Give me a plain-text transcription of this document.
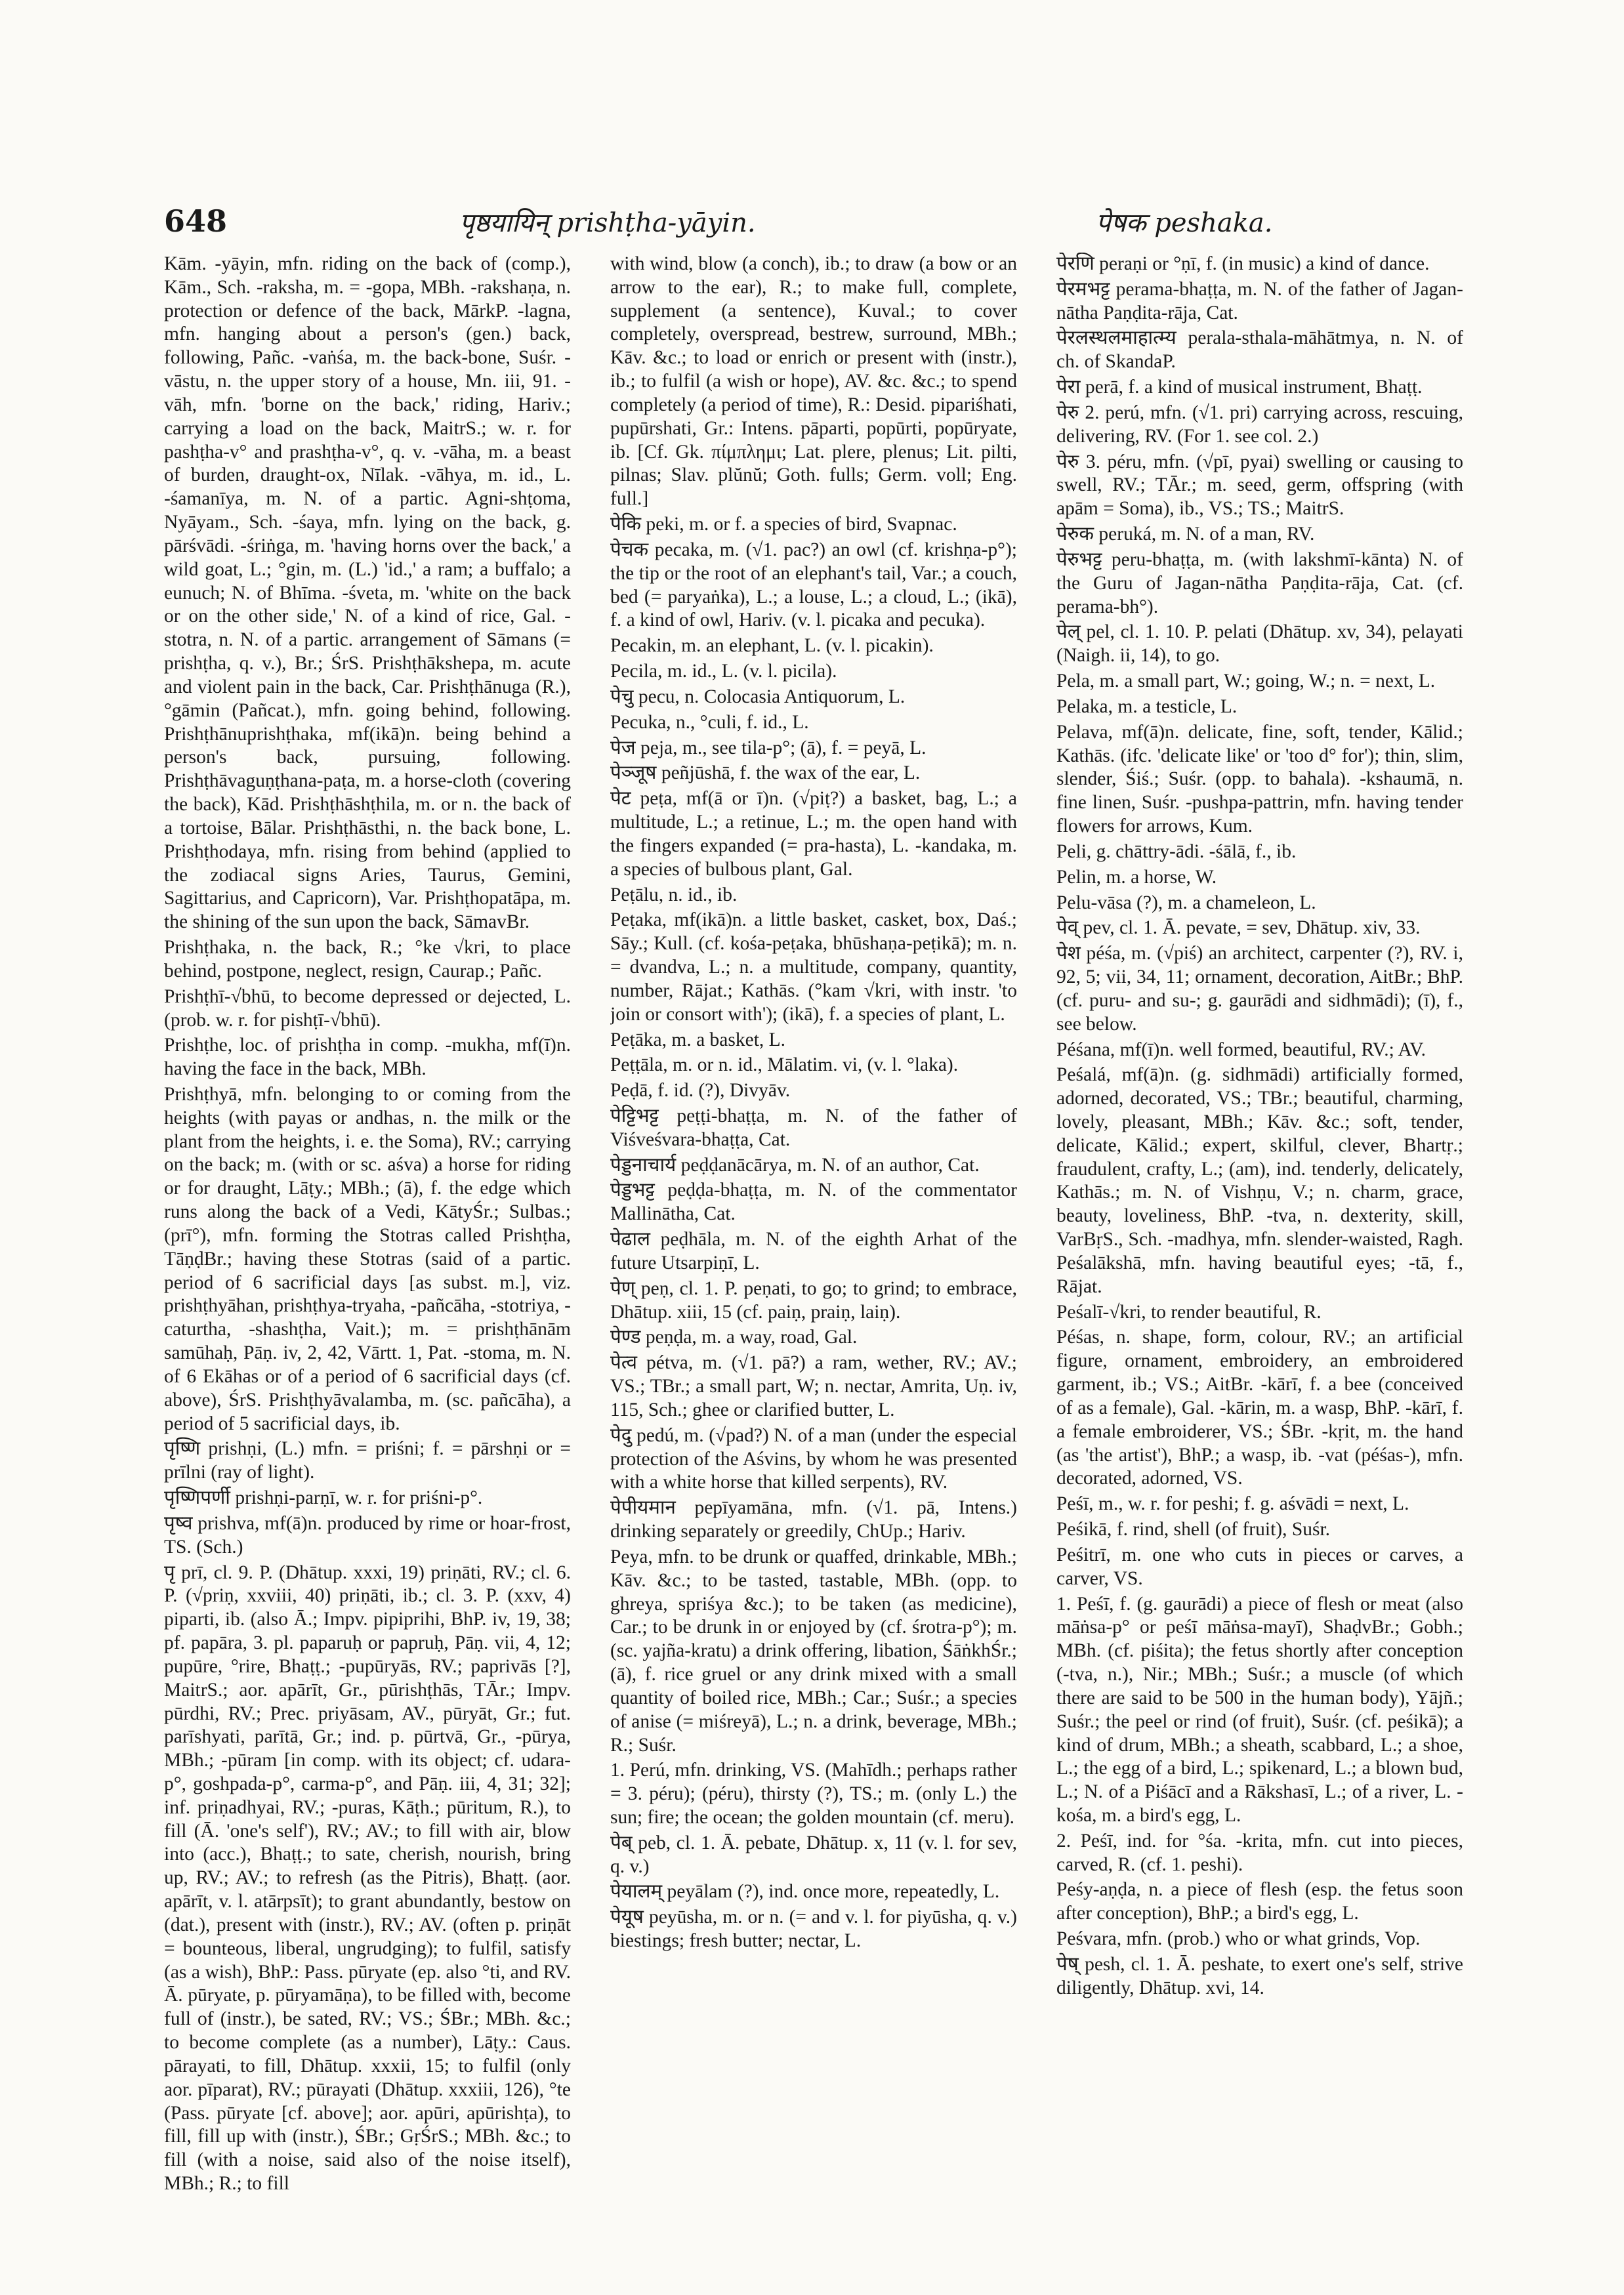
648	पृष्ठयायिन् prishṭha-yāyin.	पेषक peshaka.

Kām. -yāyin, mfn. riding on the back of (comp.), Kām., Sch. -raksha, m. = -gopa, MBh. -rakshaṇa, n. protection or defence of the back, MārkP. -lagna, mfn. hanging about a person's (gen.) back, following, Pañc. -vaṅśa, m. the back-bone, Suśr. -vāstu, n. the upper story of a house, Mn. iii, 91. -vāh, mfn. 'borne on the back,' riding, Hariv.; carrying a load on the back, MaitrS.; w. r. for pashṭha-v° and prashṭha-v°, q. v. -vāha, m. a beast of burden, draught-ox, Nīlak. -vāhya, m. id., L. -śamanīya, m. N. of a partic. Agni-shṭoma, Nyāyam., Sch. -śaya, mfn. lying on the back, g. pārśvādi. -śriṅga, m. 'having horns over the back,' a wild goat, L.; °gin, m. (L.) 'id.,' a ram; a buffalo; a eunuch; N. of Bhīma. -śveta, m. 'white on the back or on the other side,' N. of a kind of rice, Gal. -stotra, n. N. of a partic. arrangement of Sāmans (= prishṭha, q. v.), Br.; ŚrS. Prishṭhākshepa, m. acute and violent pain in the back, Car. Prishṭhānuga (R.), °gāmin (Pañcat.), mfn. going behind, following. Prishṭhānuprishṭhaka, mf(ikā)n. being behind a person's back, pursuing, following. Prishṭhāvaguṇṭhana-paṭa, m. a horse-cloth (covering the back), Kād. Prishṭhāshṭhila, m. or n. the back of a tortoise, Bālar. Prishṭhāsthi, n. the back bone, L. Prishṭhodaya, mfn. rising from behind (applied to the zodiacal signs Aries, Taurus, Gemini, Sagittarius, and Capricorn), Var. Prishṭhopatāpa, m. the shining of the sun upon the back, SāmavBr.

Prishṭhaka, n. the back, R.; °ke √kri, to place behind, postpone, neglect, resign, Caurap.; Pañc.

Prishṭhī-√bhū, to become depressed or dejected, L. (prob. w. r. for pishṭī-√bhū).

Prishṭhe, loc. of prishṭha in comp. -mukha, mf(ī)n. having the face in the back, MBh.

Prishṭhyā, mfn. belonging to or coming from the heights (with payas or andhas, n. the milk or the plant from the heights, i. e. the Soma), RV.; carrying on the back; m. (with or sc. aśva) a horse for riding or for draught, Lāṭy.; MBh.; (ā), f. the edge which runs along the back of a Vedi, KātyŚr.; Sulbas.; (prī°), mfn. forming the Stotras called Prishṭha, TāṇḍBr.; having these Stotras (said of a partic. period of 6 sacrificial days [as subst. m.], viz. prishṭhyāhan, prishṭhya-tryaha, -pañcāha, -stotriya, -caturtha, -shashṭha, Vait.); m. = prishṭhānām samūhaḥ, Pāṇ. iv, 2, 42, Vārtt. 1, Pat. -stoma, m. N. of 6 Ekāhas or of a period of 6 sacrificial days (cf. above), ŚrS. Prishṭhyāvalamba, m. (sc. pañcāha), a period of 5 sacrificial days, ib.

पृष्णि prishṇi, (L.) mfn. = priśni; f. = pārshṇi or = prīlni (ray of light).

पृष्णिपर्णी prishṇi-parṇī, w. r. for priśni-p°.

पृष्व prishva, mf(ā)n. produced by rime or hoar-frost, TS. (Sch.)

पृ prī, cl. 9. P. (Dhātup. xxxi, 19) priṇāti, RV.; cl. 6. P. (√priṇ, xxviii, 40) priṇāti, ib.; cl. 3. P. (xxv, 4) piparti, ib. (also Ā.; Impv. pipiprihi, BhP. iv, 19, 38; pf. papāra, 3. pl. paparuḥ or papruḥ, Pāṇ. vii, 4, 12; pupūre, °rire, Bhaṭṭ.; -pupūryās, RV.; paprivās [?], MaitrS.; aor. apārīt, Gr., pūrishṭhās, TĀr.; Impv. pūrdhi, RV.; Prec. priyāsam, AV., pūryāt, Gr.; fut. parīshyati, parītā, Gr.; ind. p. pūrtvā, Gr., -pūrya, MBh.; -pūram [in comp. with its object; cf. udara-p°, goshpada-p°, carma-p°, and Pāṇ. iii, 4, 31; 32]; inf. priṇadhyai, RV.; -puras, Kāṭh.; pūritum, R.), to fill (Ā. 'one's self'), RV.; AV.; to fill with air, blow into (acc.), Bhaṭṭ.; to sate, cherish, nourish, bring up, RV.; AV.; to refresh (as the Pitris), Bhaṭṭ. (aor. apārīt, v. l. atārpsīt); to grant abundantly, bestow on (dat.), present with (instr.), RV.; AV. (often p. priṇāt = bounteous, liberal, ungrudging); to fulfil, satisfy (as a wish), BhP.: Pass. pūryate (ep. also °ti, and RV. Ā. pūryate, p. pūryamāṇa), to be filled with, become full of (instr.), be sated, RV.; VS.; ŚBr.; MBh. &c.; to become complete (as a number), Lāṭy.: Caus. pārayati, to fill, Dhātup. xxxii, 15; to fulfil (only aor. pīparat), RV.; pūrayati (Dhātup. xxxiii, 126), °te (Pass. pūryate [cf. above]; aor. apūri, apūrishṭa), to fill, fill up with (instr.), ŚBr.; GṛŚrS.; MBh. &c.; to fill (with a noise, said also of the noise itself), MBh.; R.; to fill

with wind, blow (a conch), ib.; to draw (a bow or an arrow to the ear), R.; to make full, complete, supplement (a sentence), Kuval.; to cover completely, overspread, bestrew, surround, MBh.; Kāv. &c.; to load or enrich or present with (instr.), ib.; to fulfil (a wish or hope), AV. &c. &c.; to spend completely (a period of time), R.: Desid. pipariśhati, pupūrshati, Gr.: Intens. pāparti, popūrti, popūryate, ib. [Cf. Gk. πίμπλημι; Lat. plere, plenus; Lit. pilti, pilnas; Slav. plŭnŭ; Goth. fulls; Germ. voll; Eng. full.]

पेकि peki, m. or f. a species of bird, Svapnac.

पेचक pecaka, m. (√1. pac?) an owl (cf. krishṇa-p°); the tip or the root of an elephant's tail, Var.; a couch, bed (= paryaṅka), L.; a louse, L.; a cloud, L.; (ikā), f. a kind of owl, Hariv. (v. l. picaka and pecuka).

Pecakin, m. an elephant, L. (v. l. picakin).

Pecila, m. id., L. (v. l. picila).

पेचु pecu, n. Colocasia Antiquorum, L.

Pecuka, n., °culi, f. id., L.

पेज peja, m., see tila-p°; (ā), f. = peyā, L.

पेञ्जूष peñjūshā, f. the wax of the ear, L.

पेट peṭa, mf(ā or ī)n. (√piṭ?) a basket, bag, L.; a multitude, L.; a retinue, L.; m. the open hand with the fingers expanded (= pra-hasta), L. -kandaka, m. a species of bulbous plant, Gal.

Peṭālu, n. id., ib.

Peṭaka, mf(ikā)n. a little basket, casket, box, Daś.; Sāy.; Kull. (cf. kośa-peṭaka, bhūshaṇa-peṭikā); m. n. = dvandva, L.; n. a multitude, company, quantity, number, Rājat.; Kathās. (°kam √kri, with instr. 'to join or consort with'); (ikā), f. a species of plant, L.

Peṭāka, m. a basket, L.

Peṭṭāla, m. or n. id., Mālatim. vi, (v. l. °laka).

Peḍā, f. id. (?), Divyāv.

पेट्टिभट्ट peṭṭi-bhaṭṭa, m. N. of the father of Viśveśvara-bhaṭṭa, Cat.

पेड्डनाचार्य peḍḍanācārya, m. N. of an author, Cat.

पेड्डभट्ट peḍḍa-bhaṭṭa, m. N. of the commentator Mallinātha, Cat.

पेढाल peḍhāla, m. N. of the eighth Arhat of the future Utsarpiṇī, L.

पेण् peṇ, cl. 1. P. peṇati, to go; to grind; to embrace, Dhātup. xiii, 15 (cf. paiṇ, praiṇ, laiṇ).

पेण्ड peṇḍa, m. a way, road, Gal.

पेत्व pétva, m. (√1. pā?) a ram, wether, RV.; AV.; VS.; TBr.; a small part, W; n. nectar, Amrita, Uṇ. iv, 115, Sch.; ghee or clarified butter, L.

पेदु pedú, m. (√pad?) N. of a man (under the especial protection of the Aśvins, by whom he was presented with a white horse that killed serpents), RV.

पेपीयमान pepīyamāna, mfn. (√1. pā, Intens.) drinking separately or greedily, ChUp.; Hariv.

Peya, mfn. to be drunk or quaffed, drinkable, MBh.; Kāv. &c.; to be tasted, tastable, MBh. (opp. to ghreya, spriśya &c.); to be taken (as medicine), Car.; to be drunk in or enjoyed by (cf. śrotra-p°); m. (sc. yajña-kratu) a drink offering, libation, ŚāṅkhŚr.; (ā), f. rice gruel or any drink mixed with a small quantity of boiled rice, MBh.; Car.; Suśr.; a species of anise (= miśreyā), L.; n. a drink, beverage, MBh.; R.; Suśr.

1. Perú, mfn. drinking, VS. (Mahīdh.; perhaps rather = 3. péru); (péru), thirsty (?), TS.; m. (only L.) the sun; fire; the ocean; the golden mountain (cf. meru).

पेब् peb, cl. 1. Ā. pebate, Dhātup. x, 11 (v. l. for sev, q. v.)

पेयालम् peyālam (?), ind. once more, repeatedly, L.

पेयूष peyūsha, m. or n. (= and v. l. for piyūsha, q. v.) biestings; fresh butter; nectar, L.

पेरणि peraṇi or °ṇī, f. (in music) a kind of dance.

पेरमभट्ट perama-bhaṭṭa, m. N. of the father of Jagan-nātha Paṇḍita-rāja, Cat.

पेरलस्थलमाहात्म्य perala-sthala-māhātmya, n. N. of ch. of SkandaP.

पेरा perā, f. a kind of musical instrument, Bhaṭṭ.

पेरु 2. perú, mfn. (√1. pri) carrying across, rescuing, delivering, RV. (For 1. see col. 2.)

पेरु 3. péru, mfn. (√pī, pyai) swelling or causing to swell, RV.; TĀr.; m. seed, germ, offspring (with apām = Soma), ib., VS.; TS.; MaitrS.

पेरुक peruká, m. N. of a man, RV.

पेरुभट्ट peru-bhaṭṭa, m. (with lakshmī-kānta) N. of the Guru of Jagan-nātha Paṇḍita-rāja, Cat. (cf. perama-bh°).

पेल् pel, cl. 1. 10. P. pelati (Dhātup. xv, 34), pelayati (Naigh. ii, 14), to go.

Pela, m. a small part, W.; going, W.; n. = next, L.

Pelaka, m. a testicle, L.

Pelava, mf(ā)n. delicate, fine, soft, tender, Kālid.; Kathās. (ifc. 'delicate like' or 'too d° for'); thin, slim, slender, Śiś.; Suśr. (opp. to bahala). -kshaumā, n. fine linen, Suśr. -pushpa-pattrin, mfn. having tender flowers for arrows, Kum.

Peli, g. chāttry-ādi. -śālā, f., ib.

Pelin, m. a horse, W.

Pelu-vāsa (?), m. a chameleon, L.

पेव् pev, cl. 1. Ā. pevate, = sev, Dhātup. xiv, 33.

पेश péśa, m. (√piś) an architect, carpenter (?), RV. i, 92, 5; vii, 34, 11; ornament, decoration, AitBr.; BhP. (cf. puru- and su-; g. gaurādi and sidhmādi); (ī), f., see below.

Péśana, mf(ī)n. well formed, beautiful, RV.; AV.

Peśalá, mf(ā)n. (g. sidhmādi) artificially formed, adorned, decorated, VS.; TBr.; beautiful, charming, lovely, pleasant, MBh.; Kāv. &c.; soft, tender, delicate, Kālid.; expert, skilful, clever, Bhartṛ.; fraudulent, crafty, L.; (am), ind. tenderly, delicately, Kathās.; m. N. of Vishṇu, V.; n. charm, grace, beauty, loveliness, BhP. -tva, n. dexterity, skill, VarBṛS., Sch. -madhya, mfn. slender-waisted, Ragh. Peśalākshā, mfn. having beautiful eyes; -tā, f., Rājat.

Peśalī-√kri, to render beautiful, R.

Péśas, n. shape, form, colour, RV.; an artificial figure, ornament, embroidery, an embroidered garment, ib.; VS.; AitBr. -kārī, f. a bee (conceived of as a female), Gal. -kārin, m. a wasp, BhP. -kārī, f. a female embroiderer, VS.; ŚBr. -kṛit, m. the hand (as 'the artist'), BhP.; a wasp, ib. -vat (péśas-), mfn. decorated, adorned, VS.

Peśī, m., w. r. for peshi; f. g. aśvādi = next, L.

Peśikā, f. rind, shell (of fruit), Suśr.

Peśitrī, m. one who cuts in pieces or carves, a carver, VS.

1. Peśī, f. (g. gaurādi) a piece of flesh or meat (also māṅsa-p° or peśī māṅsa-mayī), ShaḍvBr.; Gobh.; MBh. (cf. piśita); the fetus shortly after conception (-tva, n.), Nir.; MBh.; Suśr.; a muscle (of which there are said to be 500 in the human body), Yājñ.; Suśr.; the peel or rind (of fruit), Suśr. (cf. peśikā); a kind of drum, MBh.; a sheath, scabbard, L.; a shoe, L.; the egg of a bird, L.; spikenard, L.; a blown bud, L.; N. of a Piśācī and a Rākshasī, L.; of a river, L. -kośa, m. a bird's egg, L.

2. Peśī, ind. for °śa. -krita, mfn. cut into pieces, carved, R. (cf. 1. peshi).

Peśy-aṇḍa, n. a piece of flesh (esp. the fetus soon after conception), BhP.; a bird's egg, L.

Peśvara, mfn. (prob.) who or what grinds, Vop.

पेष् pesh, cl. 1. Ā. peshate, to exert one's self, strive diligently, Dhātup. xvi, 14.
